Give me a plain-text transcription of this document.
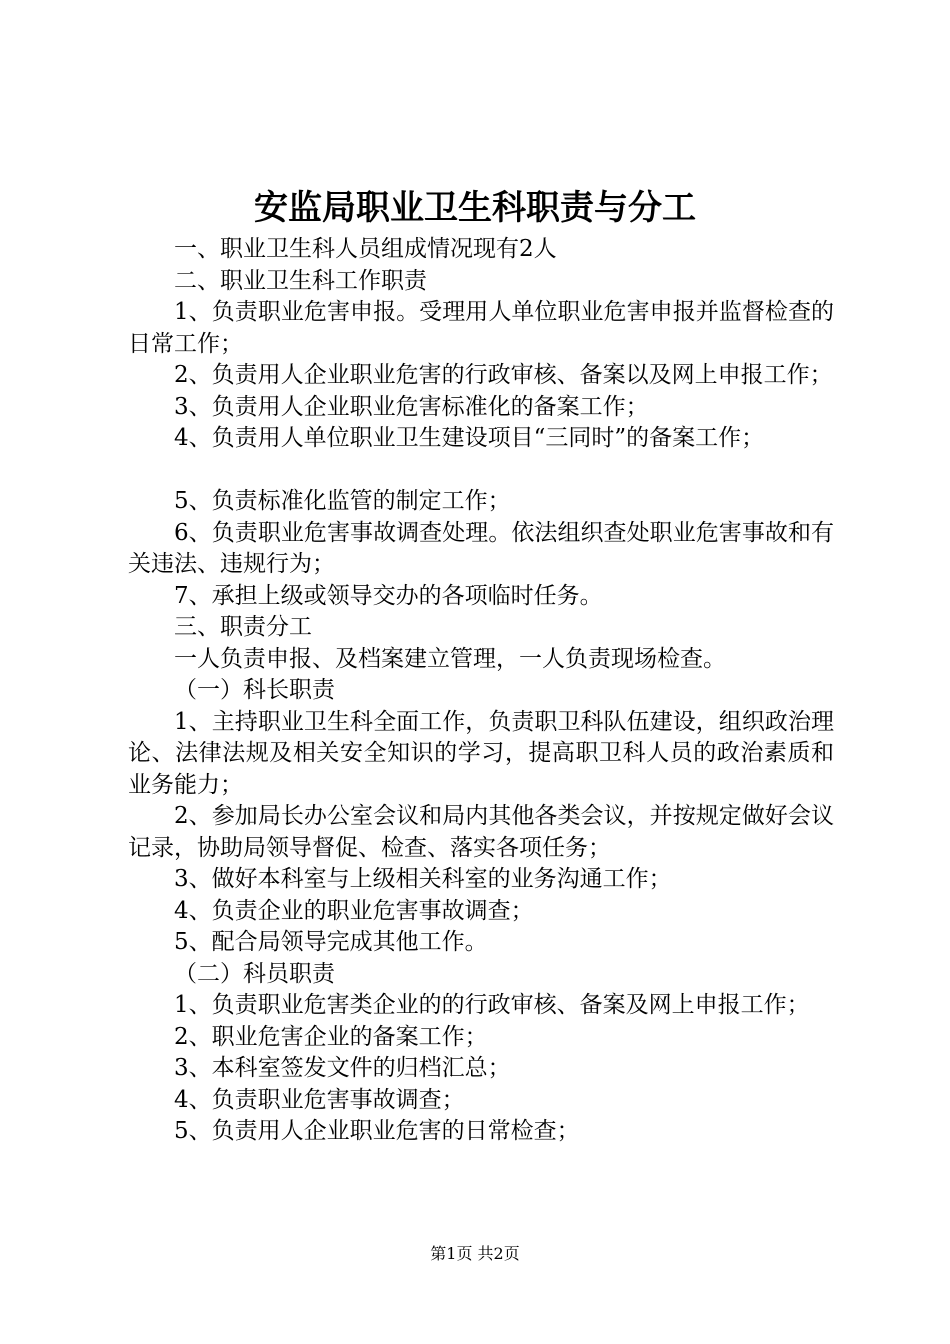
安监局职业卫生科职责与分工

一、职业卫生科人员组成情况现有2人

二、职业卫生科工作职责

1、负责职业危害申报。受理用人单位职业危害申报并监督检查的日常工作；

2、负责用人企业职业危害的行政审核、备案以及网上申报工作；

3、负责用人企业职业危害标准化的备案工作；

4、负责用人单位职业卫生建设项目“三同时”的备案工作；

5、负责标准化监管的制定工作；

6、负责职业危害事故调查处理。依法组织查处职业危害事故和有关违法、违规行为；

7、承担上级或领导交办的各项临时任务。

三、职责分工

一人负责申报、及档案建立管理，一人负责现场检查。

（一）科长职责

1、主持职业卫生科全面工作，负责职卫科队伍建设，组织政治理论、法律法规及相关安全知识的学习，提高职卫科人员的政治素质和业务能力；

2、参加局长办公室会议和局内其他各类会议，并按规定做好会议记录，协助局领导督促、检查、落实各项任务；

3、做好本科室与上级相关科室的业务沟通工作；

4、负责企业的职业危害事故调查；

5、配合局领导完成其他工作。

（二）科员职责

1、负责职业危害类企业的的行政审核、备案及网上申报工作；

2、职业危害企业的备案工作；

3、本科室签发文件的归档汇总；

4、负责职业危害事故调查；

5、负责用人企业职业危害的日常检查；

第1页 共2页
